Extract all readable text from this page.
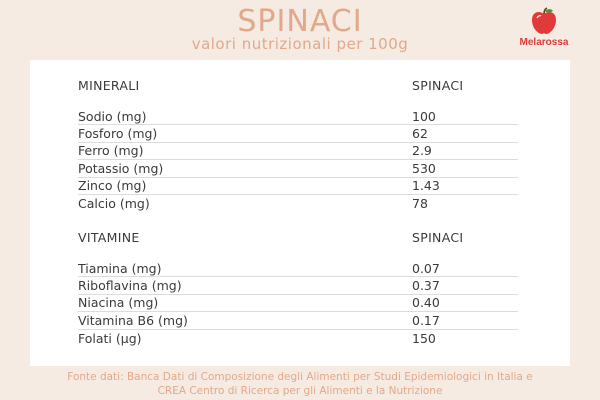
SPINACI
valori nutrizionali per 100g	Melarossa
MINERALI	SPINACI
Sodio (mg)	100
Fosforo (mg)	62
Ferro (mg)	2.9
Potassio (mg)	530
Zinco (mg)	1.43
Calcio (mg)	78
VITAMINE	SPINACI
Tiamina (mg)	0.07
Riboflavina (mg)	0.37
Niacina (mg)	0.40
Vitamina B6 (mg)	0.17
Folati (µg)	150
Fonte dati: Banca Dati di Composizione degli Alimenti per Studi Epidemiologici in Italia e
CREA Centro di Ricerca per gli Alimenti e la Nutrizione
